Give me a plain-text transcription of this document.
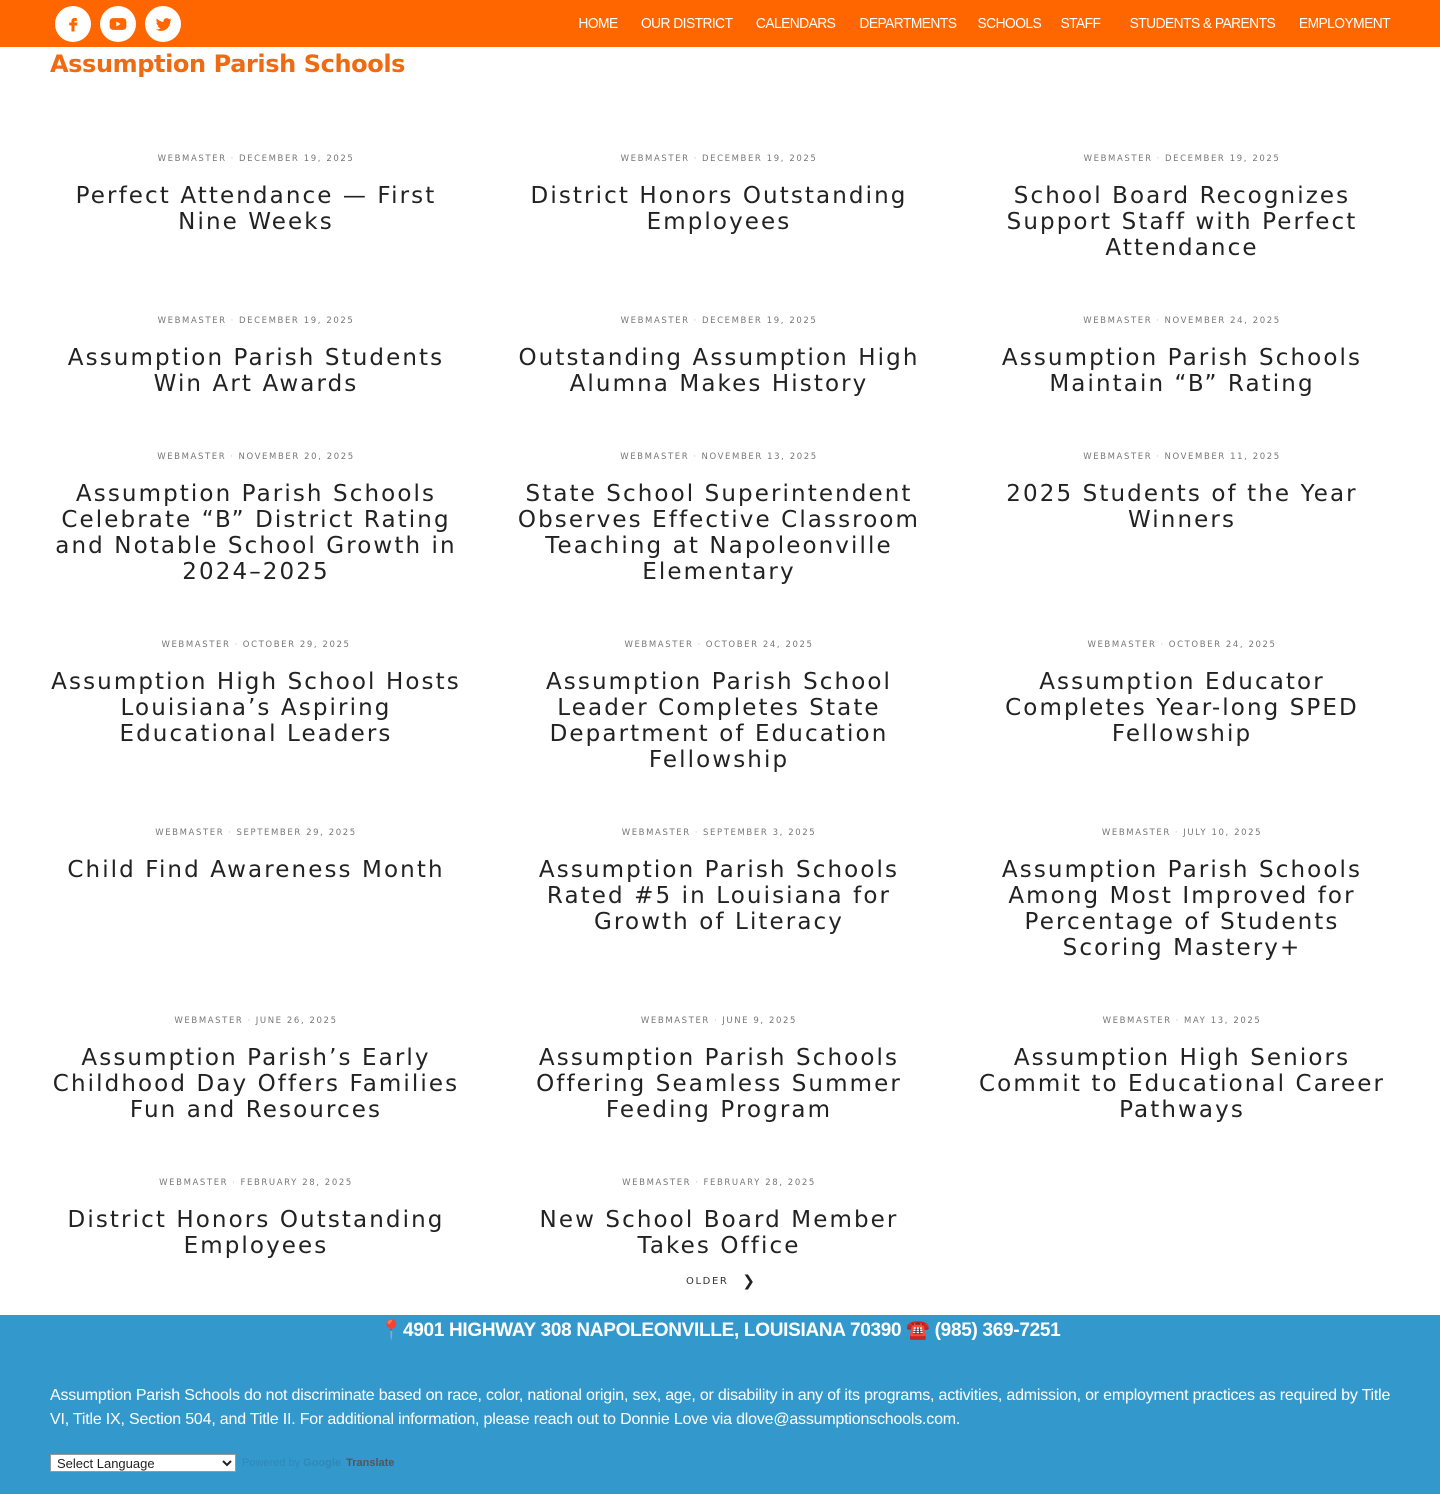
HOME OUR DISTRICT CALENDARS DEPARTMENTS SCHOOLS STAFF STUDENTS & PARENTS EMPLOYMENT
Assumption Parish Schools
WEBMASTER · DECEMBER 19, 2025
Perfect Attendance — First Nine Weeks
WEBMASTER · DECEMBER 19, 2025
District Honors Outstanding Employees
WEBMASTER · DECEMBER 19, 2025
School Board Recognizes Support Staff with Perfect Attendance
WEBMASTER · DECEMBER 19, 2025
Assumption Parish Students Win Art Awards
WEBMASTER · DECEMBER 19, 2025
Outstanding Assumption High Alumna Makes History
WEBMASTER · NOVEMBER 24, 2025
Assumption Parish Schools Maintain “B” Rating
WEBMASTER · NOVEMBER 20, 2025
Assumption Parish Schools Celebrate “B” District Rating and Notable School Growth in 2024–2025
WEBMASTER · NOVEMBER 13, 2025
State School Superintendent Observes Effective Classroom Teaching at Napoleonville Elementary
WEBMASTER · NOVEMBER 11, 2025
2025 Students of the Year Winners
WEBMASTER · OCTOBER 29, 2025
Assumption High School Hosts Louisiana’s Aspiring Educational Leaders
WEBMASTER · OCTOBER 24, 2025
Assumption Parish School Leader Completes State Department of Education Fellowship
WEBMASTER · OCTOBER 24, 2025
Assumption Educator Completes Year-long SPED Fellowship
WEBMASTER · SEPTEMBER 29, 2025
Child Find Awareness Month
WEBMASTER · SEPTEMBER 3, 2025
Assumption Parish Schools Rated #5 in Louisiana for Growth of Literacy
WEBMASTER · JULY 10, 2025
Assumption Parish Schools Among Most Improved for Percentage of Students Scoring Mastery+
WEBMASTER · JUNE 26, 2025
Assumption Parish’s Early Childhood Day Offers Families Fun and Resources
WEBMASTER · JUNE 9, 2025
Assumption Parish Schools Offering Seamless Summer Feeding Program
WEBMASTER · MAY 13, 2025
Assumption High Seniors Commit to Educational Career Pathways
WEBMASTER · FEBRUARY 28, 2025
District Honors Outstanding Employees
WEBMASTER · FEBRUARY 28, 2025
New School Board Member Takes Office
OLDER ❯
📍4901 HIGHWAY 308 NAPOLEONVILLE, LOUISIANA 70390 ☎️ (985) 369-7251
Assumption Parish Schools do not discriminate based on race, color, national origin, sex, age, or disability in any of its programs, activities, admission, or employment practices as required by Title VI, Title IX, Section 504, and Title II. For additional information, please reach out to Donnie Love via dlove@assumptionschools.com.
Select Language
Powered by Google Translate
